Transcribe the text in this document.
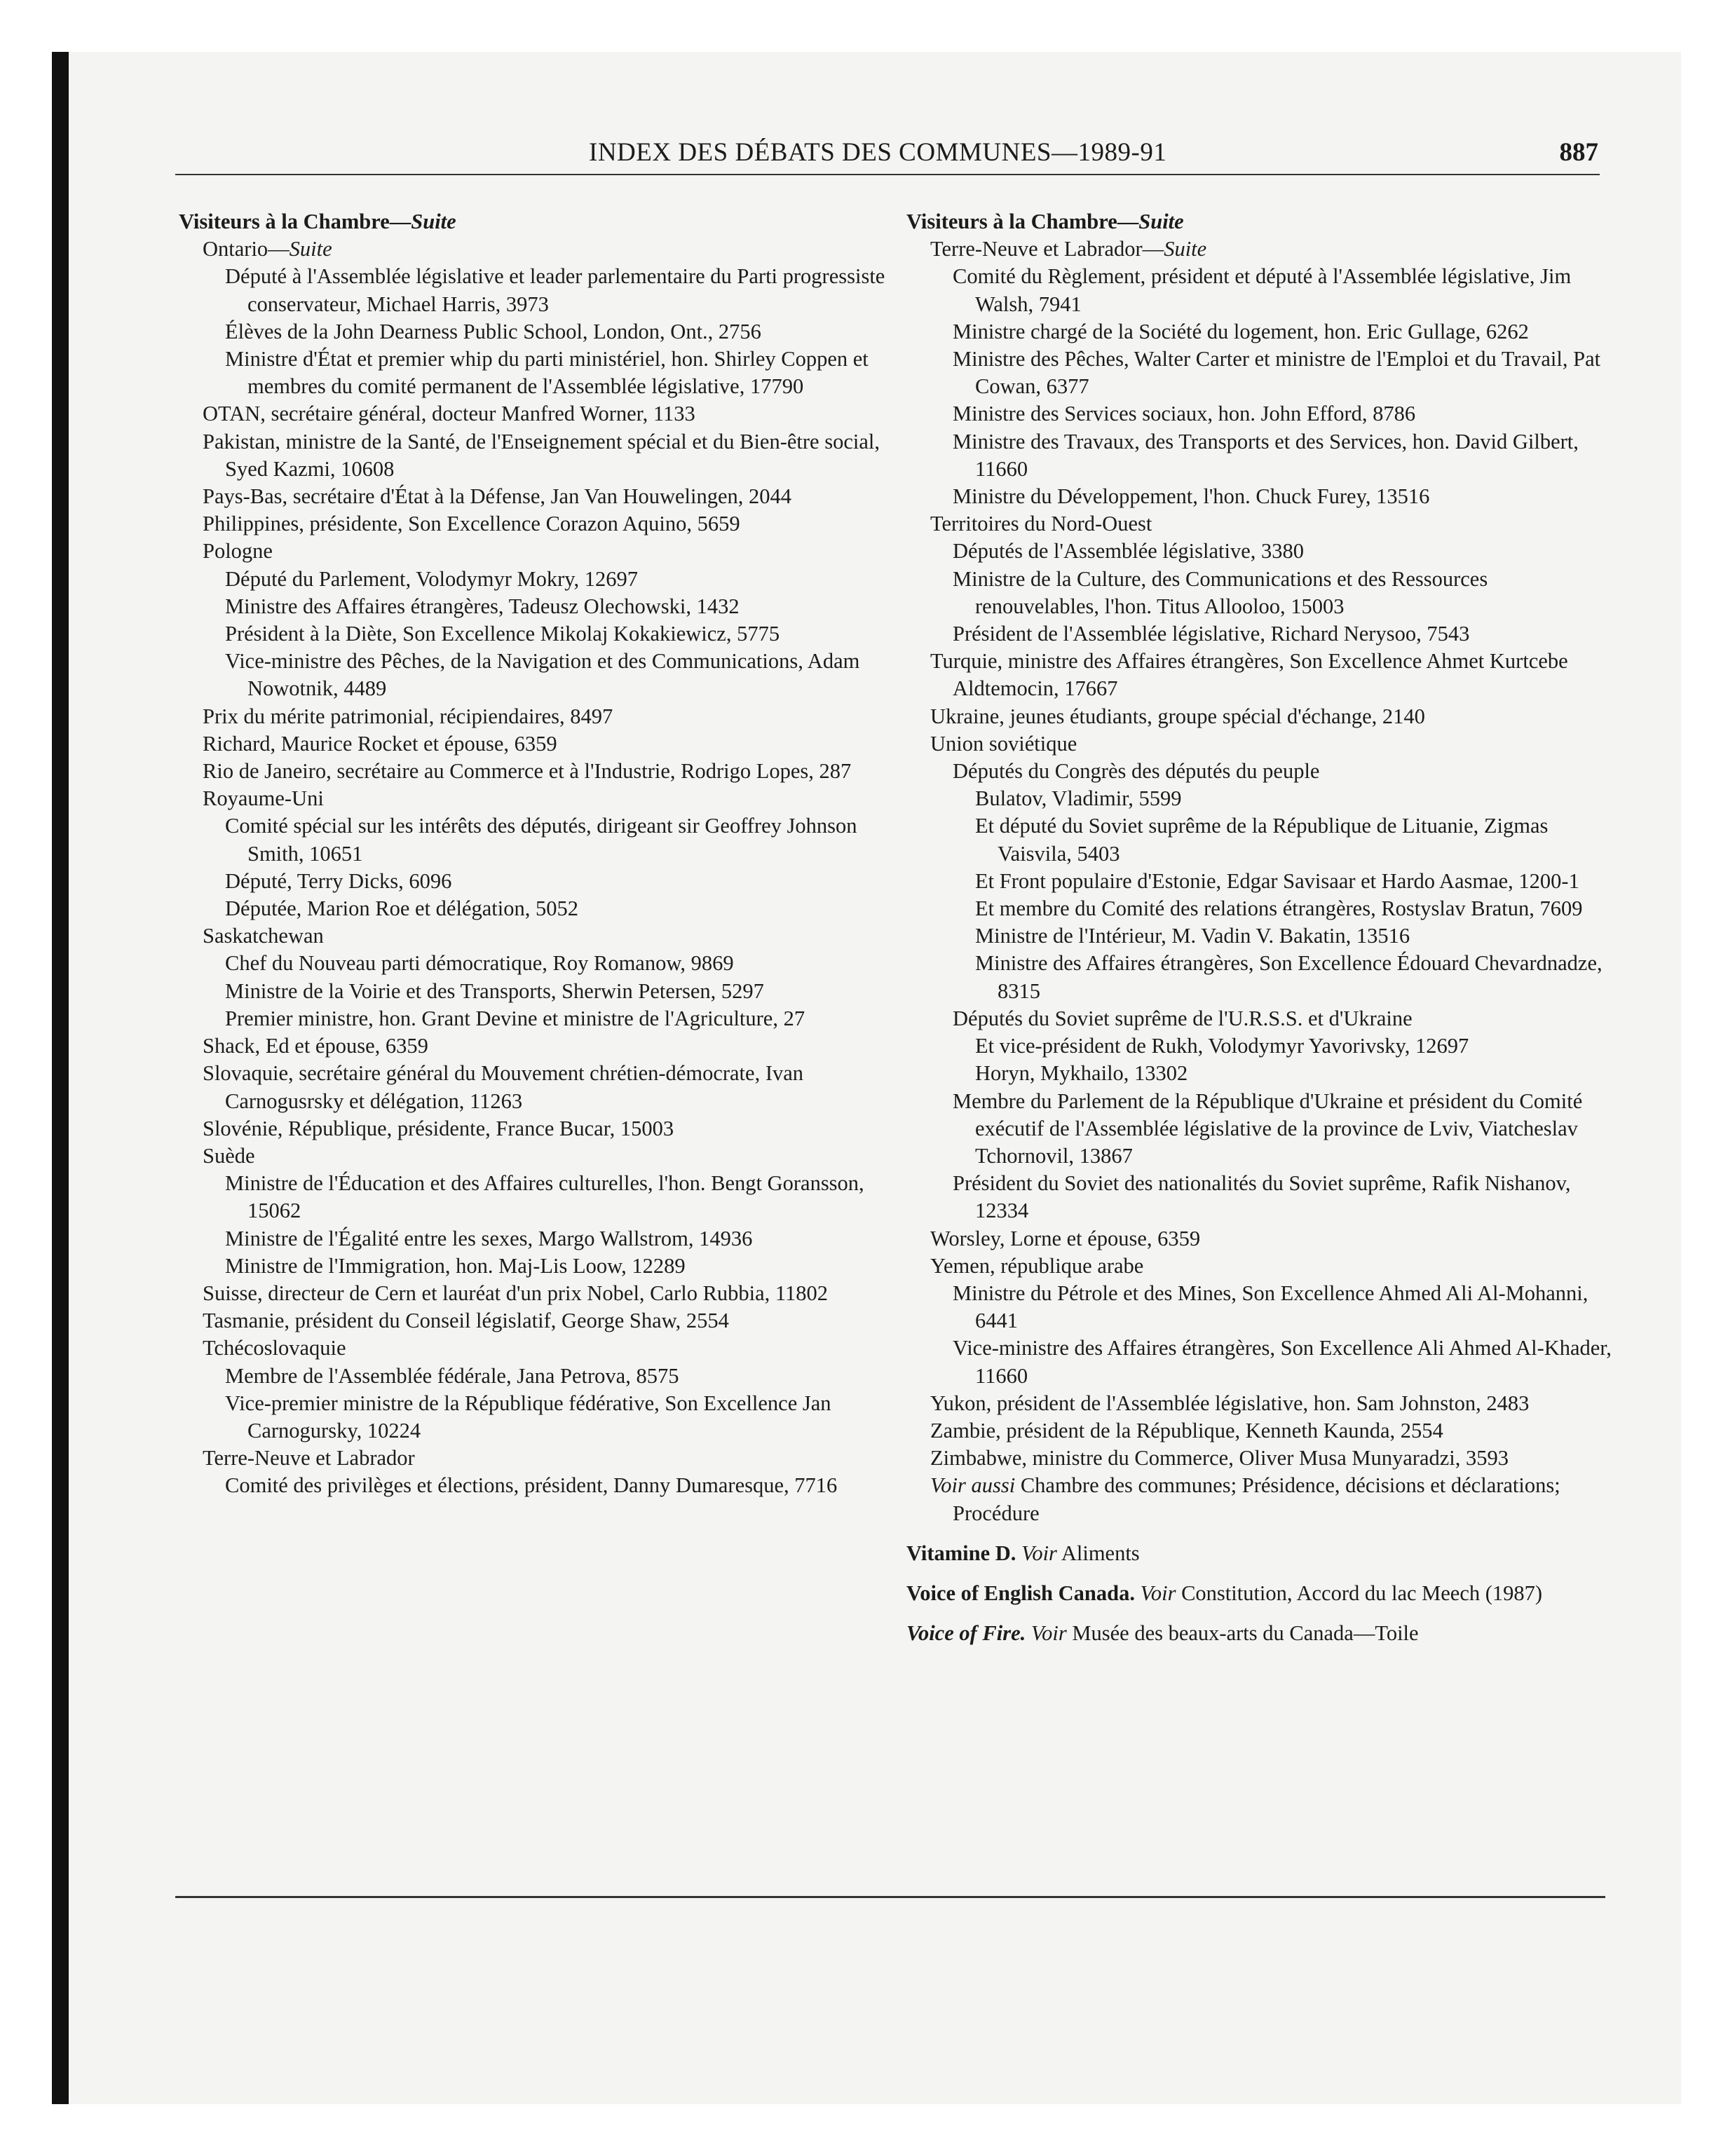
INDEX DES DÉBATS DES COMMUNES—1989-91	887
Visiteurs à la Chambre—Suite
Ontario—Suite
Député à l'Assemblée législative et leader parlementaire du Parti progressiste conservateur, Michael Harris, 3973
Élèves de la John Dearness Public School, London, Ont., 2756
Ministre d'État et premier whip du parti ministériel, hon. Shirley Coppen et membres du comité permanent de l'Assemblée législative, 17790
OTAN, secrétaire général, docteur Manfred Worner, 1133
Pakistan, ministre de la Santé, de l'Enseignement spécial et du Bien-être social, Syed Kazmi, 10608
Pays-Bas, secrétaire d'État à la Défense, Jan Van Houwelingen, 2044
Philippines, présidente, Son Excellence Corazon Aquino, 5659
Pologne
Député du Parlement, Volodymyr Mokry, 12697
Ministre des Affaires étrangères, Tadeusz Olechowski, 1432
Président à la Diète, Son Excellence Mikolaj Kokakiewicz, 5775
Vice-ministre des Pêches, de la Navigation et des Communications, Adam Nowotnik, 4489
Prix du mérite patrimonial, récipiendaires, 8497
Richard, Maurice Rocket et épouse, 6359
Rio de Janeiro, secrétaire au Commerce et à l'Industrie, Rodrigo Lopes, 287
Royaume-Uni
Comité spécial sur les intérêts des députés, dirigeant sir Geoffrey Johnson Smith, 10651
Député, Terry Dicks, 6096
Députée, Marion Roe et délégation, 5052
Saskatchewan
Chef du Nouveau parti démocratique, Roy Romanow, 9869
Ministre de la Voirie et des Transports, Sherwin Petersen, 5297
Premier ministre, hon. Grant Devine et ministre de l'Agriculture, 27
Shack, Ed et épouse, 6359
Slovaquie, secrétaire général du Mouvement chrétien-démocrate, Ivan Carnogusrsky et délégation, 11263
Slovénie, République, présidente, France Bucar, 15003
Suède
Ministre de l'Éducation et des Affaires culturelles, l'hon. Bengt Goransson, 15062
Ministre de l'Égalité entre les sexes, Margo Wallstrom, 14936
Ministre de l'Immigration, hon. Maj-Lis Loow, 12289
Suisse, directeur de Cern et lauréat d'un prix Nobel, Carlo Rubbia, 11802
Tasmanie, président du Conseil législatif, George Shaw, 2554
Tchécoslovaquie
Membre de l'Assemblée fédérale, Jana Petrova, 8575
Vice-premier ministre de la République fédérative, Son Excellence Jan Carnogursky, 10224
Terre-Neuve et Labrador
Comité des privilèges et élections, président, Danny Dumaresque, 7716
Visiteurs à la Chambre—Suite
Terre-Neuve et Labrador—Suite
Comité du Règlement, président et député à l'Assemblée législative, Jim Walsh, 7941
Ministre chargé de la Société du logement, hon. Eric Gullage, 6262
Ministre des Pêches, Walter Carter et ministre de l'Emploi et du Travail, Pat Cowan, 6377
Ministre des Services sociaux, hon. John Efford, 8786
Ministre des Travaux, des Transports et des Services, hon. David Gilbert, 11660
Ministre du Développement, l'hon. Chuck Furey, 13516
Territoires du Nord-Ouest
Députés de l'Assemblée législative, 3380
Ministre de la Culture, des Communications et des Ressources renouvelables, l'hon. Titus Allooloo, 15003
Président de l'Assemblée législative, Richard Nerysoo, 7543
Turquie, ministre des Affaires étrangères, Son Excellence Ahmet Kurtcebe Aldtemocin, 17667
Ukraine, jeunes étudiants, groupe spécial d'échange, 2140
Union soviétique
Députés du Congrès des députés du peuple
Bulatov, Vladimir, 5599
Et député du Soviet suprême de la République de Lituanie, Zigmas Vaisvila, 5403
Et Front populaire d'Estonie, Edgar Savisaar et Hardo Aasmae, 1200-1
Et membre du Comité des relations étrangères, Rostyslav Bratun, 7609
Ministre de l'Intérieur, M. Vadin V. Bakatin, 13516
Ministre des Affaires étrangères, Son Excellence Édouard Chevardnadze, 8315
Députés du Soviet suprême de l'U.R.S.S. et d'Ukraine
Et vice-président de Rukh, Volodymyr Yavorivsky, 12697
Horyn, Mykhailo, 13302
Membre du Parlement de la République d'Ukraine et président du Comité exécutif de l'Assemblée législative de la province de Lviv, Viatcheslav Tchornovil, 13867
Président du Soviet des nationalités du Soviet suprême, Rafik Nishanov, 12334
Worsley, Lorne et épouse, 6359
Yemen, république arabe
Ministre du Pétrole et des Mines, Son Excellence Ahmed Ali Al-Mohanni, 6441
Vice-ministre des Affaires étrangères, Son Excellence Ali Ahmed Al-Khader, 11660
Yukon, président de l'Assemblée législative, hon. Sam Johnston, 2483
Zambie, président de la République, Kenneth Kaunda, 2554
Zimbabwe, ministre du Commerce, Oliver Musa Munyaradzi, 3593
Voir aussi Chambre des communes; Présidence, décisions et déclarations; Procédure
Vitamine D. Voir Aliments
Voice of English Canada. Voir Constitution, Accord du lac Meech (1987)
Voice of Fire. Voir Musée des beaux-arts du Canada—Toile
